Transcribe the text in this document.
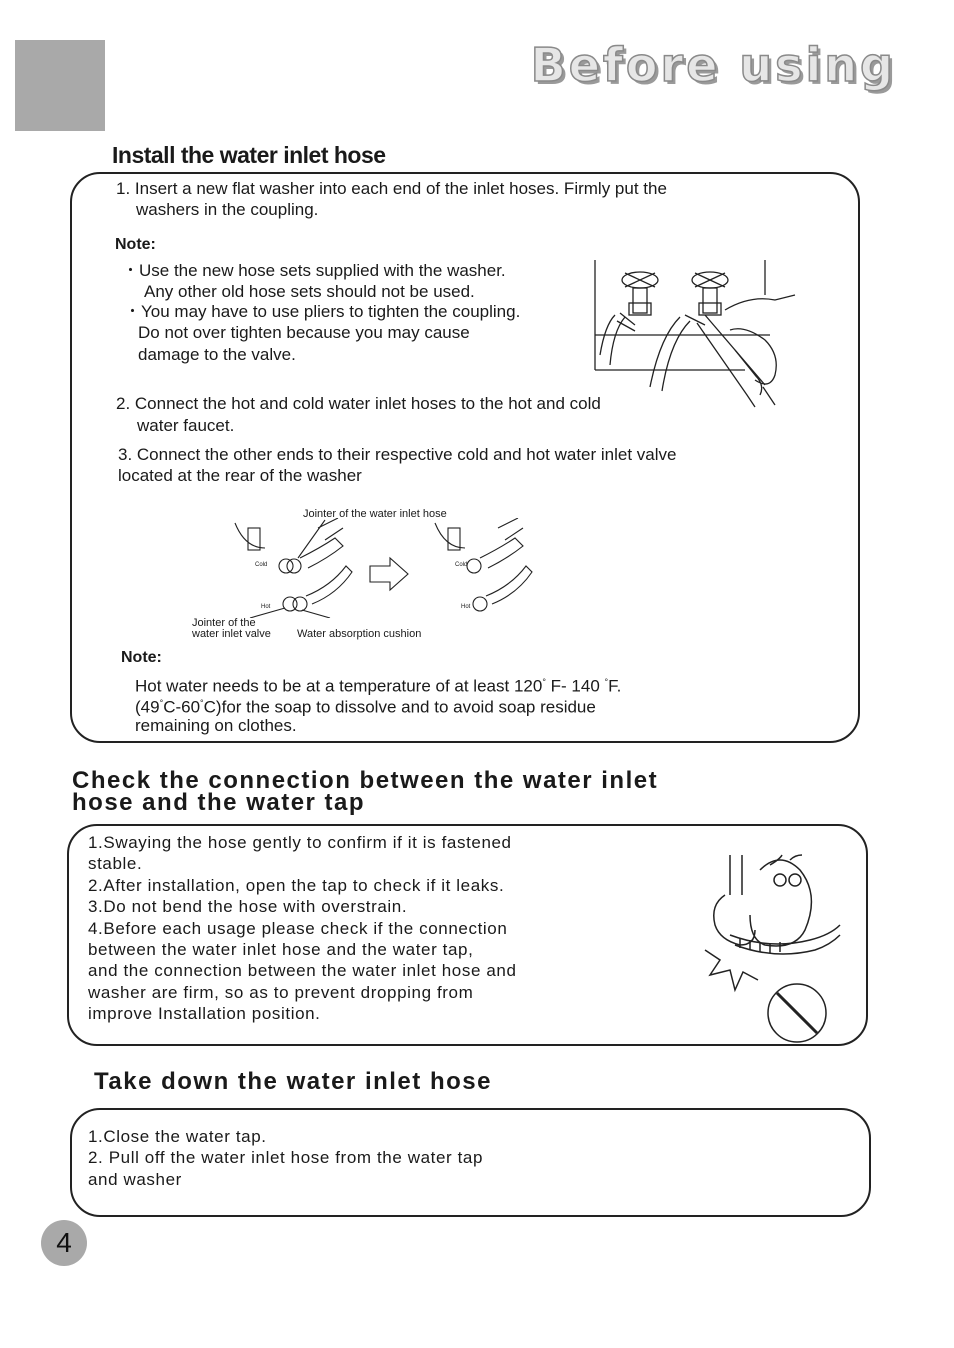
Before using
Install the water inlet hose
1. Insert a new flat washer into each end of the inlet hoses. Firmly put the
washers in the coupling.
Note:
・Use the new hose sets supplied with the washer.
Any other old hose sets should not be used.
・You may have to use pliers to tighten the coupling.
Do not over tighten because you may cause
damage to the valve.
2. Connect the hot and cold water inlet hoses to the hot and cold
water faucet.
3. Connect the other ends to their respective cold and hot water inlet valve
located at the rear of the washer
Jointer of the water inlet hose
Cold
Hot
Cold
Hot
Jointer of the
water inlet valve Water absorption cushion
Note:
Hot water needs to be at a temperature of at least 120° F- 140 °F.
(49°C-60°C)for the soap to dissolve and to avoid soap residue
remaining on clothes.
Check the connection between the water inlet
hose and the water tap
1.Swaying the hose gently to confirm if it is fastened
stable.
2.After installation, open the tap to check if it leaks.
3.Do not bend the hose with overstrain.
4.Before each usage please check if the connection
between the water inlet hose and the water tap,
and the connection between the water inlet hose and
washer are firm, so as to prevent dropping from
improve Installation position.
Take down the water inlet hose
1.Close the water tap.
2. Pull off the water inlet hose from the water tap
and washer
4
